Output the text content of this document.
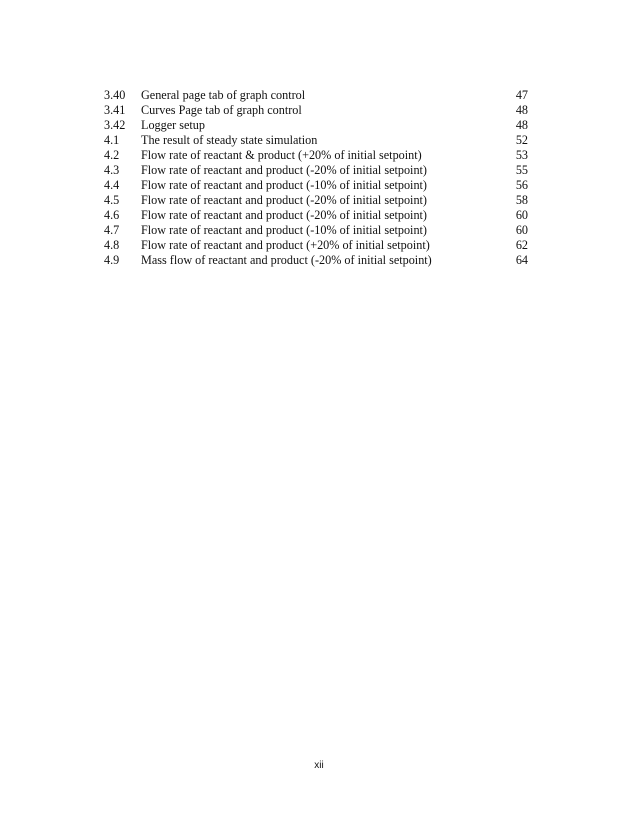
3.40	General page tab of graph control	47
3.41	Curves Page tab of graph control	48
3.42	Logger setup	48
4.1	The result of steady state simulation	52
4.2	Flow rate of reactant & product (+20% of initial setpoint)	53
4.3	Flow rate of reactant and product (-20% of initial setpoint)	55
4.4	Flow rate of reactant and product (-10% of initial setpoint)	56
4.5	Flow rate of reactant and product (-20% of initial setpoint)	58
4.6	Flow rate of reactant and product (-20% of initial setpoint)	60
4.7	Flow rate of reactant and product (-10% of initial setpoint)	60
4.8	Flow rate of reactant and product (+20% of initial setpoint)	62
4.9	Mass flow of reactant and product (-20% of initial setpoint)	64
xii
